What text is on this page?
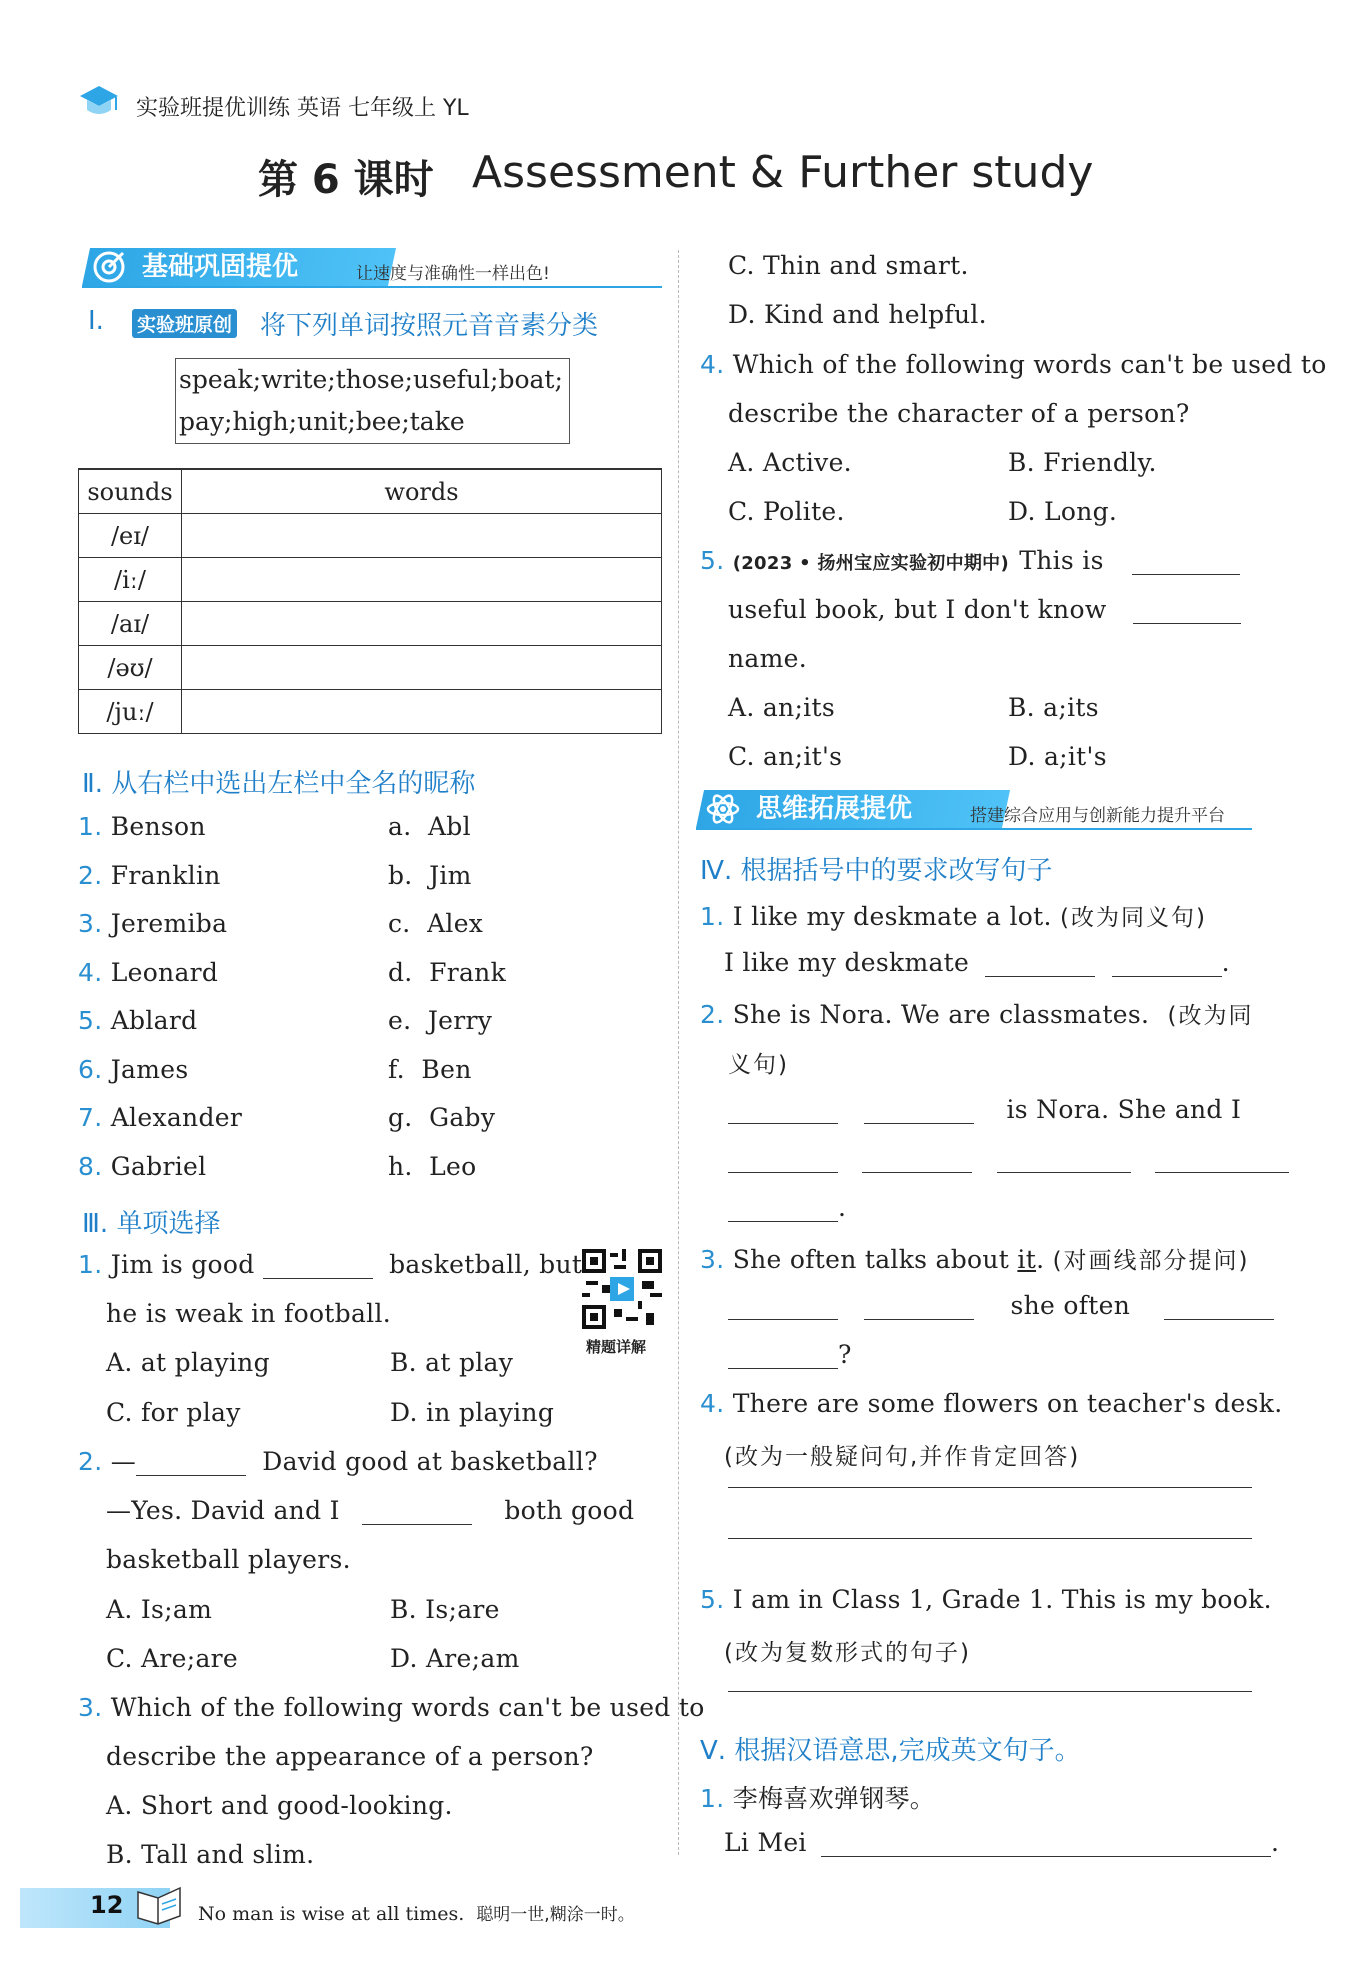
实验班提优训练 英语 七年级上 YL
第 6 课时 Assessment & Further study
基础巩固提优	让速度与准确性一样出色!
Ⅰ. 实验班原创 将下列单词按照元音音素分类
speak;write;those;useful;boat;
pay;high;unit;bee;take
sounds	words
/eɪ/	
/iː/	
/aɪ/	
/əʊ/	
/juː/	
Ⅱ. 从右栏中选出左栏中全名的昵称
1. Benson	a. Abl
2. Franklin	b. Jim
3. Jeremiba	c. Alex
4. Leonard	d. Frank
5. Ablard	e. Jerry
6. James	f. Ben
7. Alexander	g. Gaby
8. Gabriel	h. Leo
Ⅲ. 单项选择
1. Jim is good	basketball, but
he is weak in football.
精题详解
A. at playing	B. at play
C. for play	D. in playing
2. —	David good at basketball?
—Yes. David and I	both good
basketball players.
A. Is;am	B. Is;are
C. Are;are	D. Are;am
3. Which of the following words can't be used to
describe the appearance of a person?
A. Short and good-looking.
B. Tall and slim.
C. Thin and smart.
D. Kind and helpful.
4. Which of the following words can't be used to
describe the character of a person?
A. Active.	B. Friendly.
C. Polite.	D. Long.
5. (2023 • 扬州宝应实验初中期中) This is
useful book, but I don't know
name.
A. an;its	B. a;its
C. an;it's	D. a;it's
思维拓展提优	搭建综合应用与创新能力提升平台
Ⅳ. 根据括号中的要求改写句子
1. I like my deskmate a lot. (改为同义句)
I like my deskmate	.
2. She is Nora. We are classmates. (改为同
义句)
is Nora. She and I

.
3. She often talks about it. (对画线部分提问)
she often
?
4. There are some flowers on teacher's desk.
(改为一般疑问句,并作肯定回答)
5. I am in Class 1, Grade 1. This is my book.
(改为复数形式的句子)
Ⅴ. 根据汉语意思,完成英文句子。
1. 李梅喜欢弹钢琴。
Li Mei	.
12	No man is wise at all times. 聪明一世,糊涂一时。
